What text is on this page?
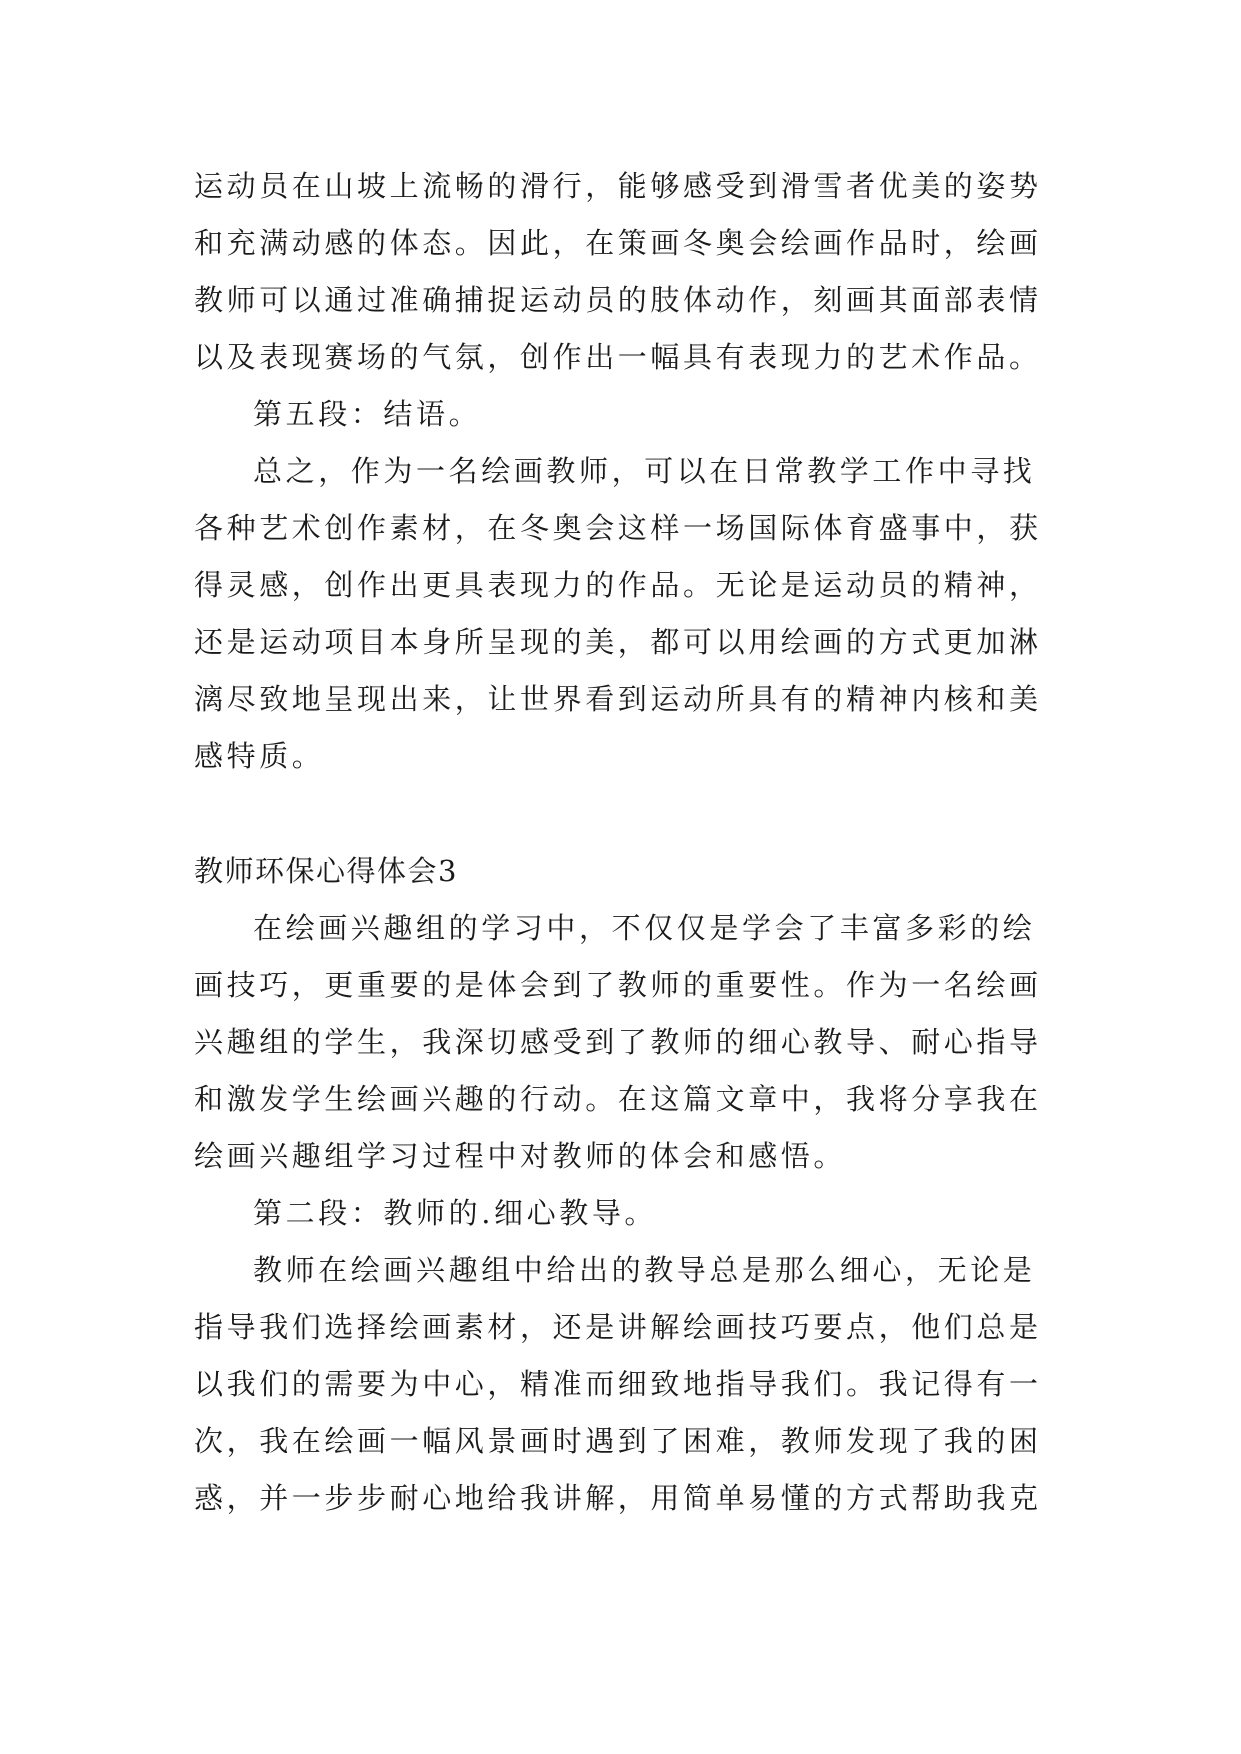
运动员在山坡上流畅的滑行，能够感受到滑雪者优美的姿势
和充满动感的体态。因此，在策画冬奥会绘画作品时，绘画
教师可以通过准确捕捉运动员的肢体动作，刻画其面部表情
以及表现赛场的气氛，创作出一幅具有表现力的艺术作品。
第五段：结语。
总之，作为一名绘画教师，可以在日常教学工作中寻找
各种艺术创作素材，在冬奥会这样一场国际体育盛事中，获
得灵感，创作出更具表现力的作品。无论是运动员的精神，
还是运动项目本身所呈现的美，都可以用绘画的方式更加淋
漓尽致地呈现出来，让世界看到运动所具有的精神内核和美
感特质。
教师环保心得体会3
在绘画兴趣组的学习中，不仅仅是学会了丰富多彩的绘
画技巧，更重要的是体会到了教师的重要性。作为一名绘画
兴趣组的学生，我深切感受到了教师的细心教导、耐心指导
和激发学生绘画兴趣的行动。在这篇文章中，我将分享我在
绘画兴趣组学习过程中对教师的体会和感悟。
第二段：教师的.细心教导。
教师在绘画兴趣组中给出的教导总是那么细心，无论是
指导我们选择绘画素材，还是讲解绘画技巧要点，他们总是
以我们的需要为中心，精准而细致地指导我们。我记得有一
次，我在绘画一幅风景画时遇到了困难，教师发现了我的困
惑，并一步步耐心地给我讲解，用简单易懂的方式帮助我克
